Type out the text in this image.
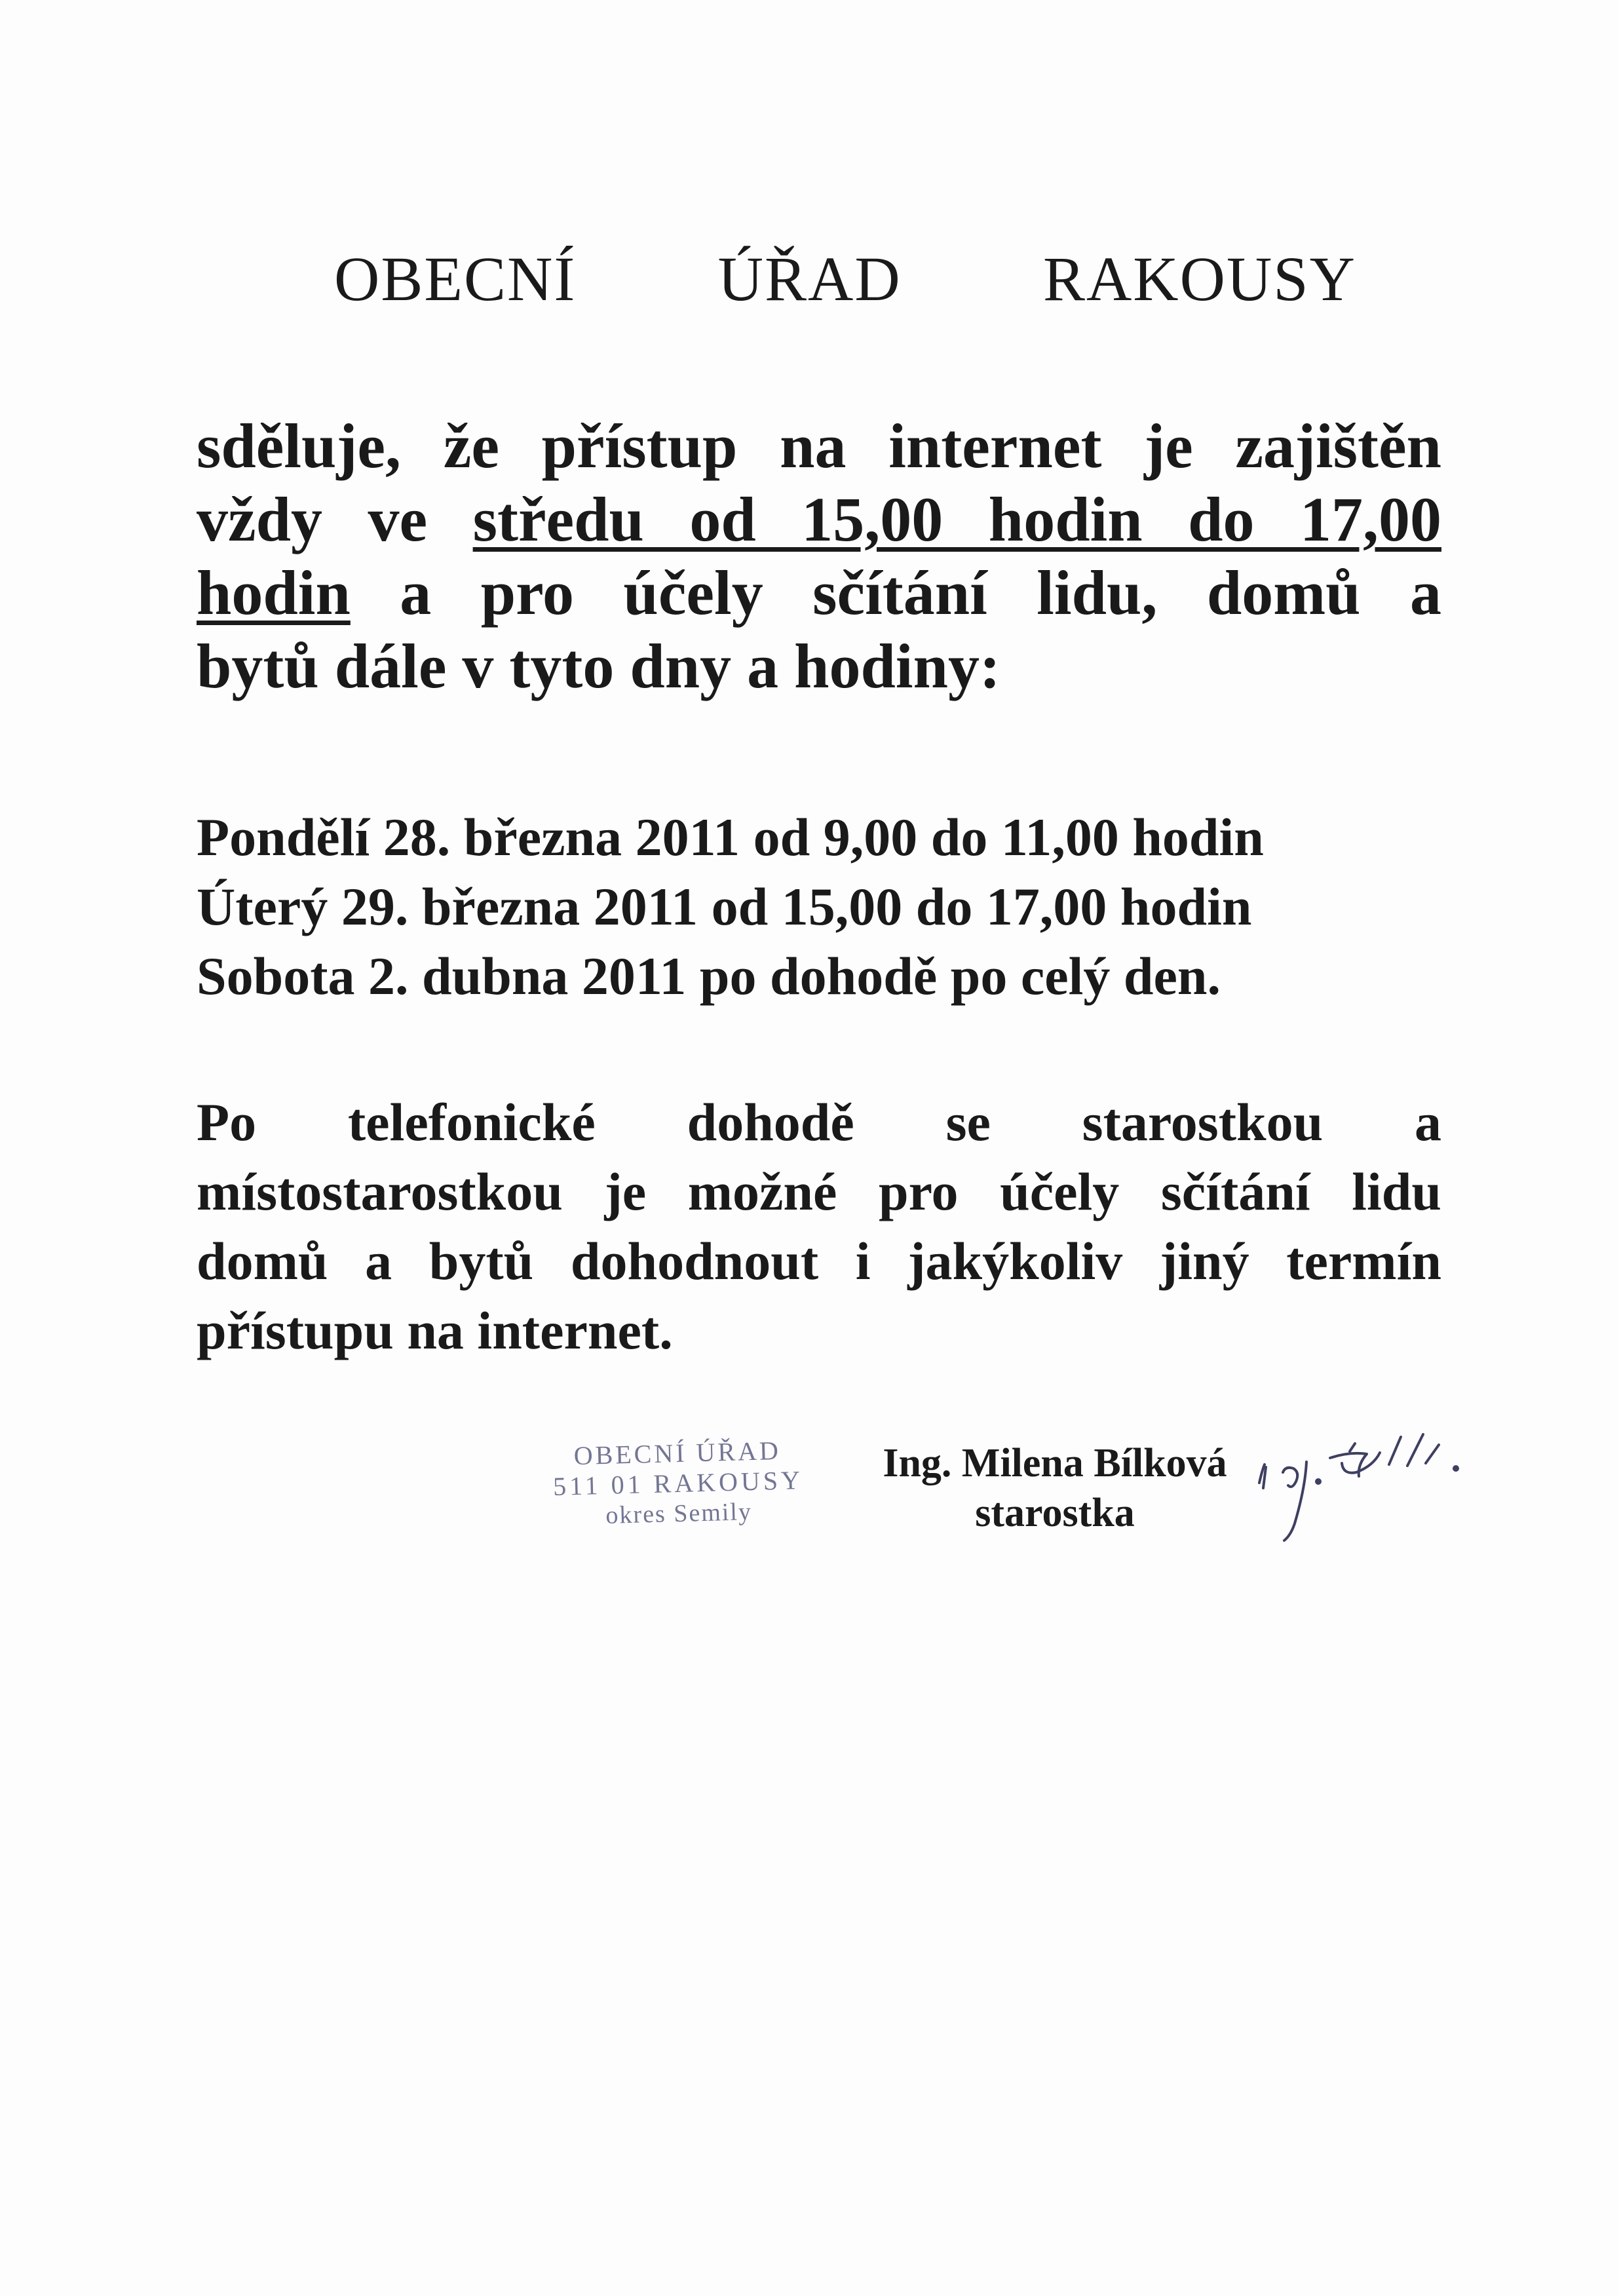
OBECNÍ ÚŘAD RAKOUSY
sděluje, že přístup na internet je zajištěn
vždy ve středu od 15,00 hodin do 17,00
hodin a pro účely sčítání lidu, domů a
bytů dále v tyto dny a hodiny:
Pondělí 28. března 2011 od 9,00 do 11,00 hodin
Úterý 29. března 2011 od 15,00 do 17,00 hodin
Sobota 2. dubna 2011 po dohodě po celý den.
Po telefonické dohodě se starostkou a
místostarostkou je možné pro účely sčítání lidu
domů a bytů dohodnout i jakýkoliv jiný termín
přístupu na internet.
OBECNÍ ÚŘAD
511 01 RAKOUSY
okres Semily
Ing. Milena Bílková
starostka
